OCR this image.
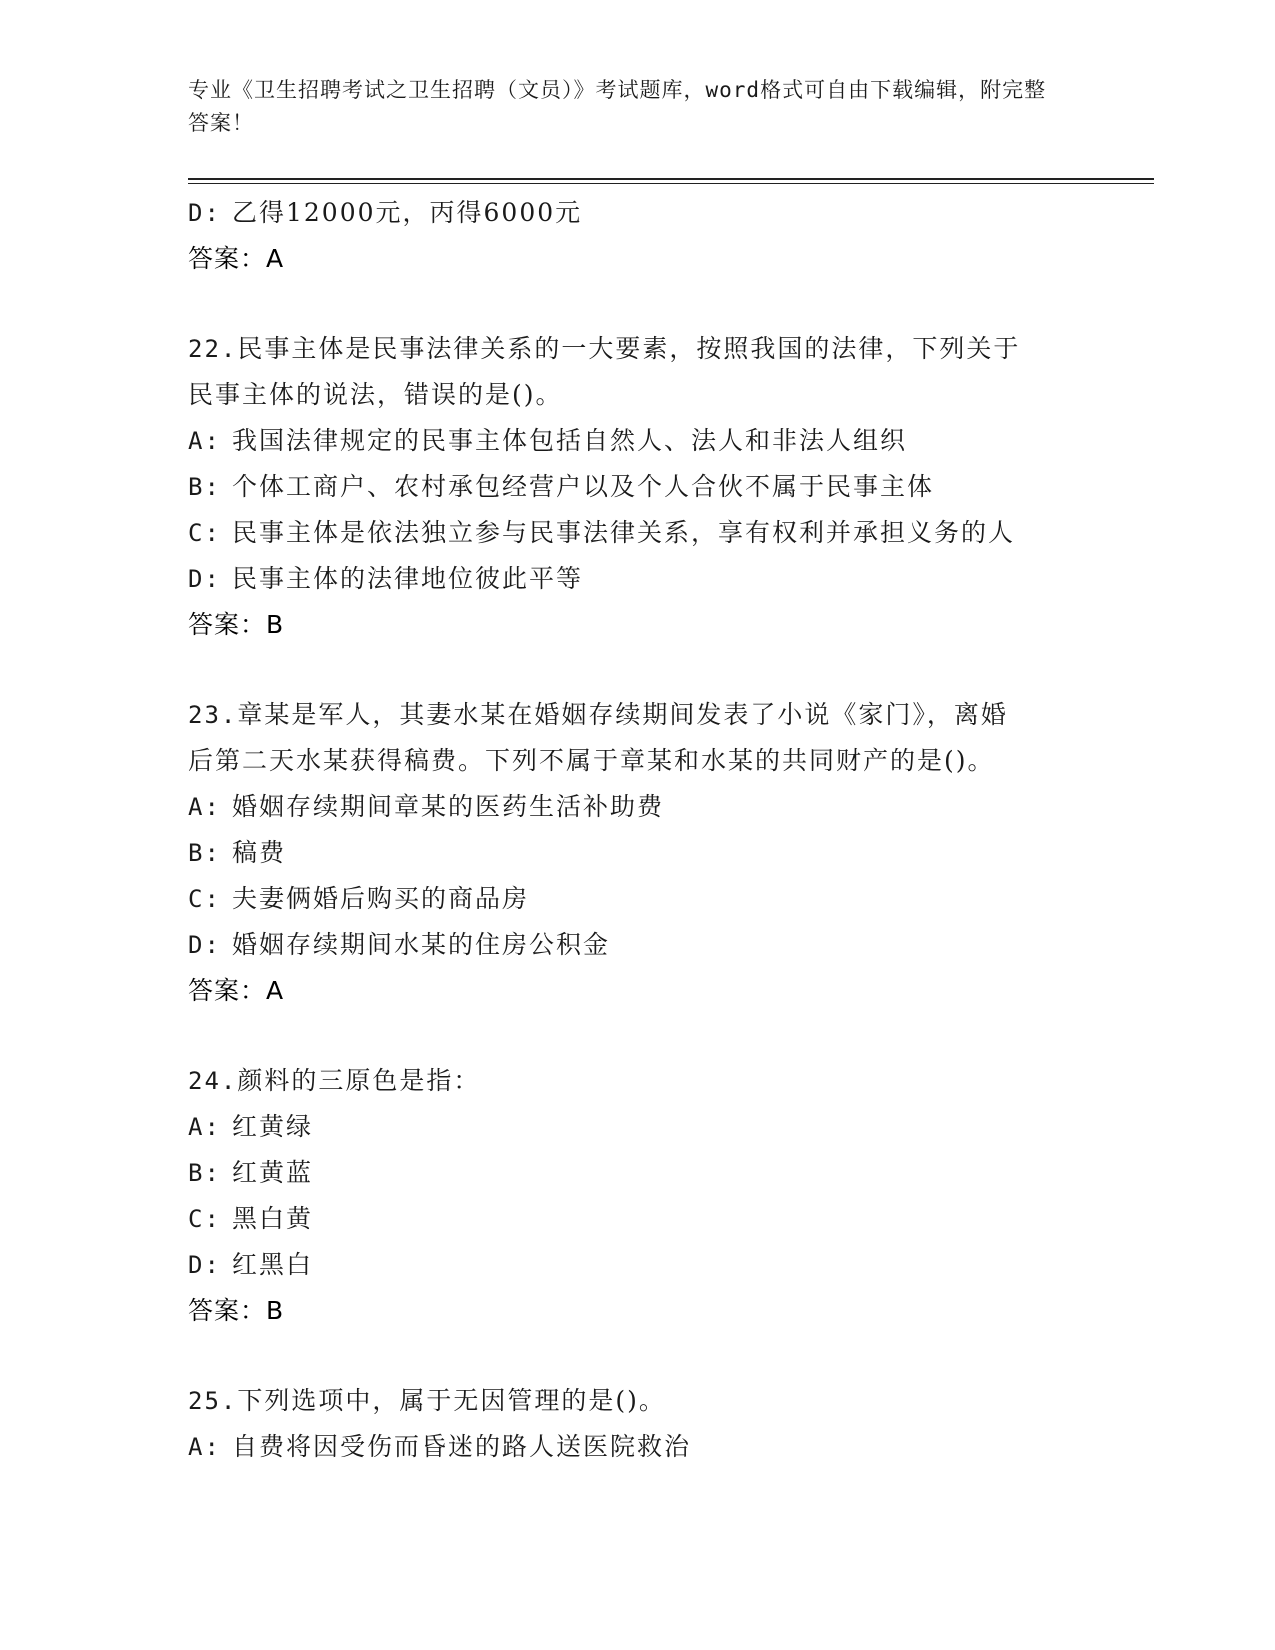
专业《卫生招聘考试之卫生招聘（文员）》考试题库，word格式可自由下载编辑，附完整答案！
D: 乙得12000元，丙得6000元
答案：A
22.民事主体是民事法律关系的一大要素，按照我国的法律，下列关于
民事主体的说法，错误的是()。
A: 我国法律规定的民事主体包括自然人、法人和非法人组织
B: 个体工商户、农村承包经营户以及个人合伙不属于民事主体
C: 民事主体是依法独立参与民事法律关系，享有权利并承担义务的人
D: 民事主体的法律地位彼此平等
答案：B
23.章某是军人，其妻水某在婚姻存续期间发表了小说《家门》，离婚
后第二天水某获得稿费。下列不属于章某和水某的共同财产的是()。
A: 婚姻存续期间章某的医药生活补助费
B: 稿费
C: 夫妻俩婚后购买的商品房
D: 婚姻存续期间水某的住房公积金
答案：A
24.颜料的三原色是指：
A: 红黄绿
B: 红黄蓝
C: 黑白黄
D: 红黑白
答案：B
25.下列选项中，属于无因管理的是()。
A: 自费将因受伤而昏迷的路人送医院救治
